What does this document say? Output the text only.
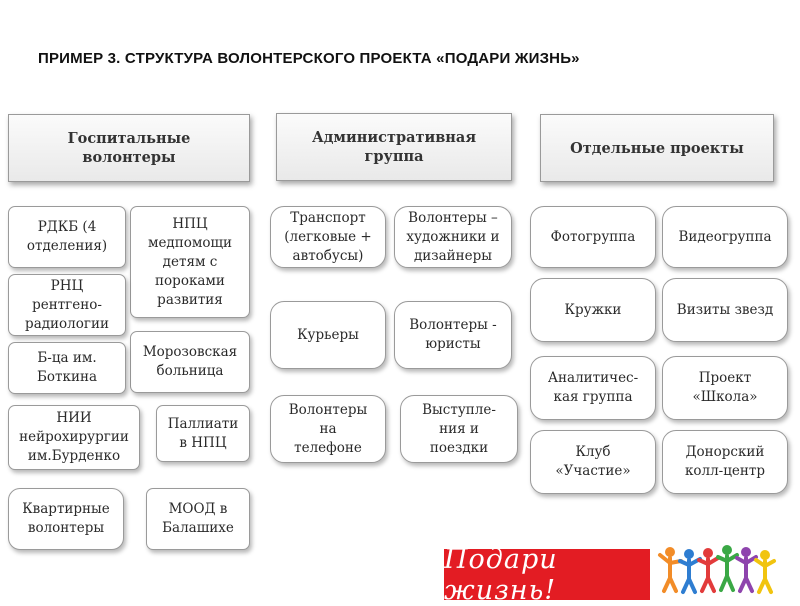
ПРИМЕР 3. СТРУКТУРА ВОЛОНТЕРСКОГО ПРОЕКТА «ПОДАРИ ЖИЗНЬ»
Госпитальные волонтеры
Административная группа	Отдельные проекты
РДКБ (4 отделения)
НПЦ медпомощи детям с пороками развития
РНЦ рентгено-радиологии
Морозовская больница
Б-ца им. Боткина
НИИ нейрохирургии им.Бурденко
Паллиати в НПЦ
Квартирные волонтеры
МООД в Балашихе
Транспорт (легковые + автобусы)
Волонтеры – художники и дизайнеры
Курьеры
Волонтеры - юристы
Волонтеры на телефоне
Выступле-ния и поездки
Фотогруппа	Видеогруппа
Кружки	Визиты звезд
Аналитичес-кая группа
Проект «Школа»
Клуб «Участие»
Донорский колл-центр
Подари жизнь!
